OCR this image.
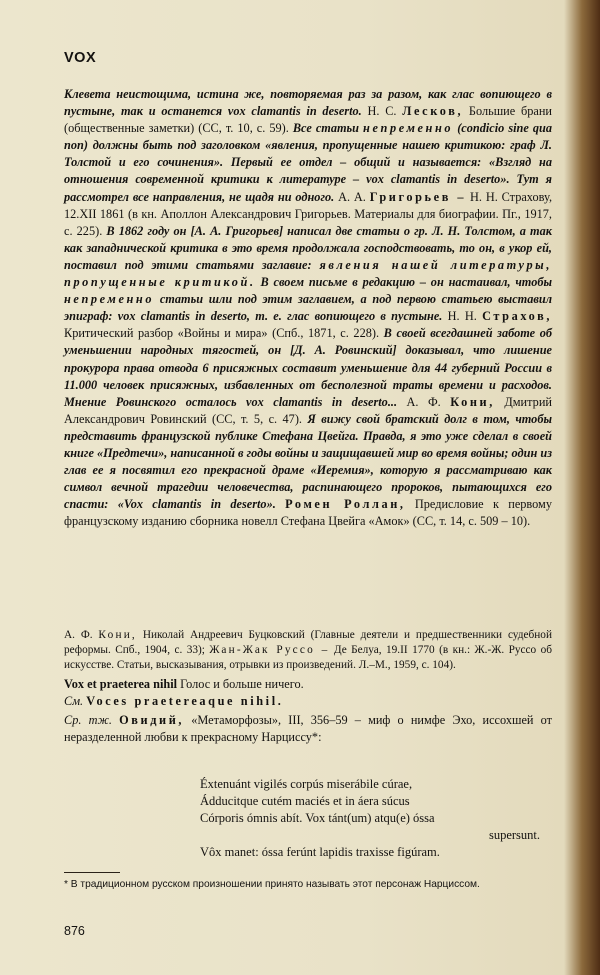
VOX
Клевета неистощима, истина же, повторяемая раз за разом, как глас вопиющего в пустыне, так и останется vox clamantis in deserto. Н. С. Лесков, Большие брани (общественные заметки) (СС, т. 10, с. 59). Все статьи непременно (condicio sine qua non) должны быть под заголовком «явления, пропущенные нашею критикою: граф Л. Толстой и его сочинения». Первый ее отдел – общий и называется: «Взгляд на отношения современной критики к литературе – vox clamantis in deserto». Тут я рассмотрел все направления, не щадя ни одного. А. А. Григорьев – Н. Н. Страхову, 12.XII 1861 (в кн. Аполлон Александрович Григорьев. Материалы для биографии. Пг., 1917, с. 225). В 1862 году он [А. А. Григорьев] написал две статьи о гр. Л. Н. Толстом, а так как западнической критика в это время продолжала господствовать, то он, в укор ей, поставил под этими статьями заглавие: явления нашей литературы, пропущенные критикой. В своем письме в редакцию – он настаивал, чтобы непременно статьи шли под этим заглавием, а под первою статьею выставил эпиграф: vox clamantis in deserto, т. е. глас вопиющего в пустыне. Н. Н. Страхов, Критический разбор «Войны и мира» (Спб., 1871, с. 228). В своей всегдашней заботе об уменьшении народных тягостей, он [Д. А. Ровинский] доказывал, что лишение прокурора права отвода 6 присяжных составит уменьшение для 44 губерний России в 11.000 человек присяжных, избавленных от бесполезной траты времени и расходов. Мнение Ровинского осталось vox clamantis in deserto... А. Ф. Кони, Дмитрий Александрович Ровинский (СС, т. 5, с. 47). Я вижу свой братский долг в том, чтобы представить французской публике Стефана Цвейга. Правда, я это уже сделал в своей книге «Предтечи», написанной в годы войны и защищавшей мир во время войны; один из глав ее я посвятил его прекрасной драме «Иеремия», которую я рассматриваю как символ вечной трагедии человечества, распинающего пророков, пытающихся его спасти: «Vox clamantis in deserto». Ромен Роллан, Предисловие к первому французскому изданию сборника новелл Стефана Цвейга «Амок» (СС, т. 14, с. 509 – 10).
А. Ф. Кони, Николай Андреевич Буцковский (Главные деятели и предшественники судебной реформы. Спб., 1904, с. 33); Жан-Жак Руссо – Де Белуа, 19.II 1770 (в кн.: Ж.-Ж. Руссо об искусстве. Статьи, высказывания, отрывки из произведений. Л.–М., 1959, с. 104).
Vox et praeterea nihil Голос и больше ничего.
См. Voces praetereaque nihil.
Ср. тж. Овидий, «Метаморфозы», III, 356–59 – миф о нимфе Эхо, иссохшей от неразделенной любви к прекрасному Нарциссу*:
Éxtenuánt vigilés corpús miserábile cúrae,
Ádducitque cutém maciés et in áera súcus
Córporis ómnis abít. Vox tánt(um) atqu(e) óssa
supersunt.
Vôx manet: óssa ferúnt lapidis traxisse figúram.
* В традиционном русском произношении принято называть этот персонаж Нарциссом.
876
